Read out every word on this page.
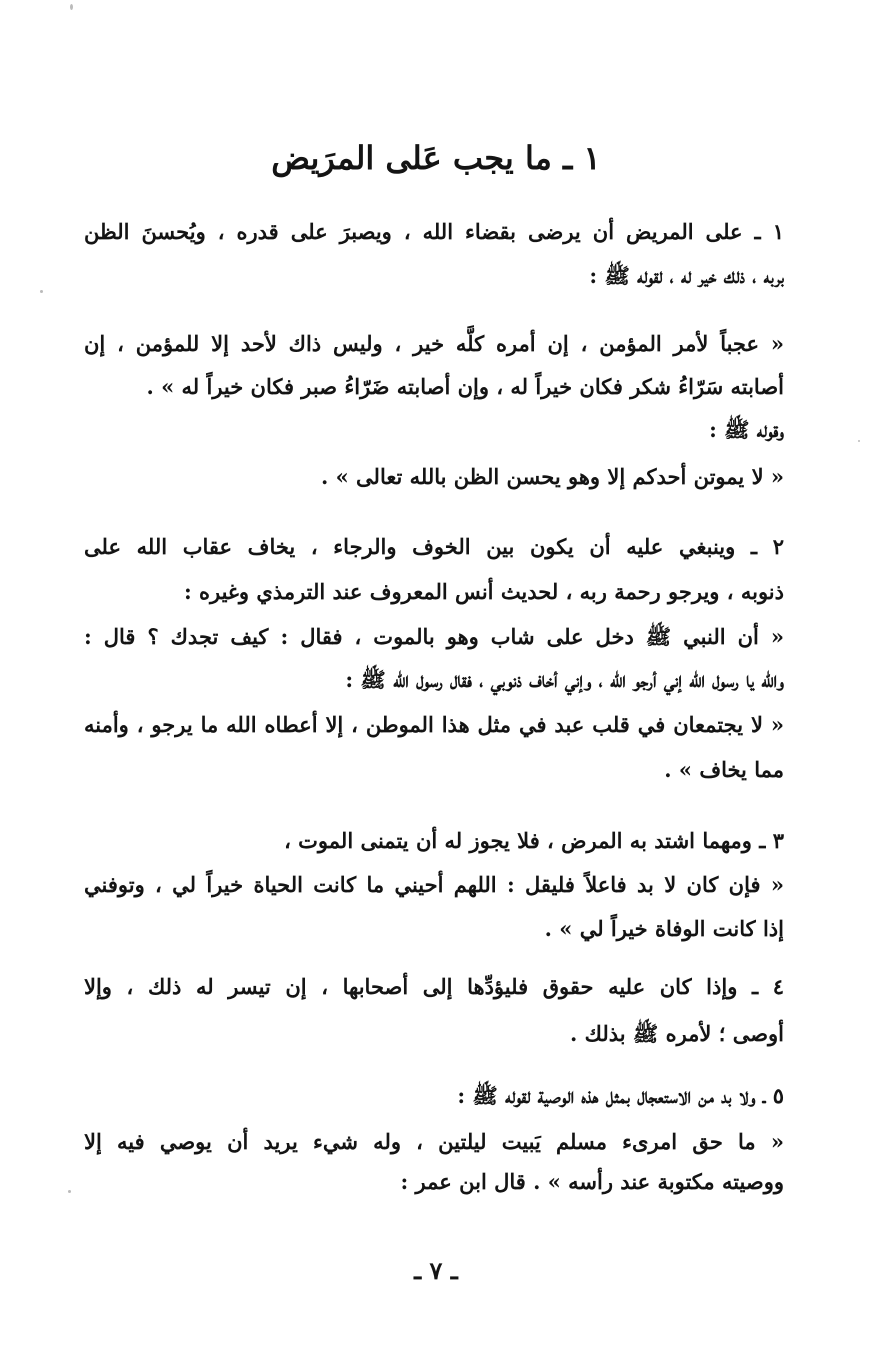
١ ـ ما يجب عَلى المرَيض
١ ـ على المريض أن يرضى بقضاء الله ، ويصبرَ على قدره ، ويُحسنَ الظن
بربه ، ذلك خير له ، لقوله ﷺ :
« عجباً لأمر المؤمن ، إن أمره كلَّه خير ، وليس ذاك لأحد إلا للمؤمن ، إن
أصابته سَرّاءُ شكر فكان خيراً له ، وإن أصابته ضَرّاءُ صبر فكان خيراً له » .
وقوله ﷺ :
« لا يموتن أحدكم إلا وهو يحسن الظن بالله تعالى » .
٢ ـ وينبغي عليه أن يكون بين الخوف والرجاء ، يخاف عقاب الله على
ذنوبه ، ويرجو رحمة ربه ، لحديث أنس المعروف عند الترمذي وغيره :
« أن النبي ﷺ دخل على شاب وهو بالموت ، فقال : كيف تجدك ؟ قال :
والله يا رسول الله إني أرجو الله ، وإني أخاف ذنوبي ، فقال رسول الله ﷺ :
« لا يجتمعان في قلب عبد في مثل هذا الموطن ، إلا أعطاه الله ما يرجو ، وأمنه
مما يخاف » .
٣ ـ ومهما اشتد به المرض ، فلا يجوز له أن يتمنى الموت ،
« فإن كان لا بد فاعلاً فليقل : اللهم أحيني ما كانت الحياة خيراً لي ، وتوفني
إذا كانت الوفاة خيراً لي » .
٤ ـ وإذا كان عليه حقوق فليؤدِّها إلى أصحابها ، إن تيسر له ذلك ، وإلا
أوصى ؛ لأمره ﷺ بذلك .
٥ ـ ولا بد من الاستعجال بمثل هذه الوصية لقوله ﷺ :
« ما حق امرىء مسلم يَبيت ليلتين ، وله شيء يريد أن يوصي فيه إلا
ووصيته مكتوبة عند رأسه » . قال ابن عمر :
ـ ٧ ـ
